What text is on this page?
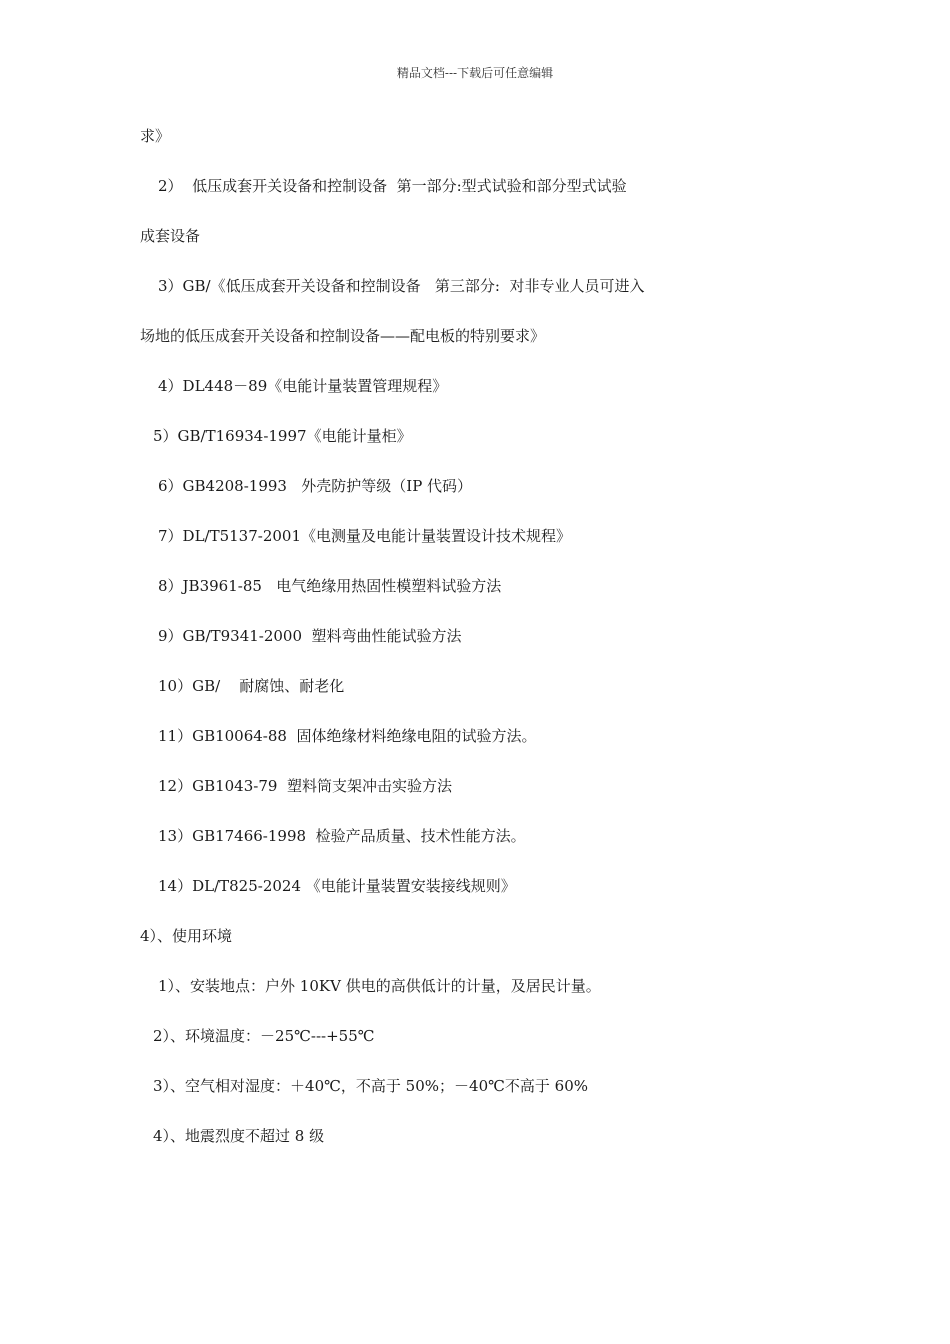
精品文档---下载后可任意编辑
求》
2）  低压成套开关设备和控制设备  第一部分:型式试验和部分型式试验
成套设备
3）GB/《低压成套开关设备和控制设备   第三部分:  对非专业人员可进入
场地的低压成套开关设备和控制设备——配电板的特别要求》
4）DL448－89《电能计量装置管理规程》
5）GB/T16934-1997《电能计量柜》
6）GB4208-1993   外壳防护等级（IP 代码）
7）DL/T5137-2001《电测量及电能计量装置设计技术规程》
8）JB3961-85   电气绝缘用热固性模塑料试验方法
9）GB/T9341-2000  塑料弯曲性能试验方法
10）GB/    耐腐蚀、耐老化
11）GB10064-88  固体绝缘材料绝缘电阻的试验方法。
12）GB1043-79  塑料筒支架冲击实验方法
13）GB17466-1998  检验产品质量、技术性能方法。
14）DL/T825-2024 《电能计量装置安装接线规则》
4）、使用环境
1）、安装地点：户外 10KV 供电的高供低计的计量，及居民计量。
2）、环境温度：－25℃---+55℃
3）、空气相对湿度：＋40℃，不高于 50%；－40℃不高于 60%
4）、地震烈度不超过 8 级
